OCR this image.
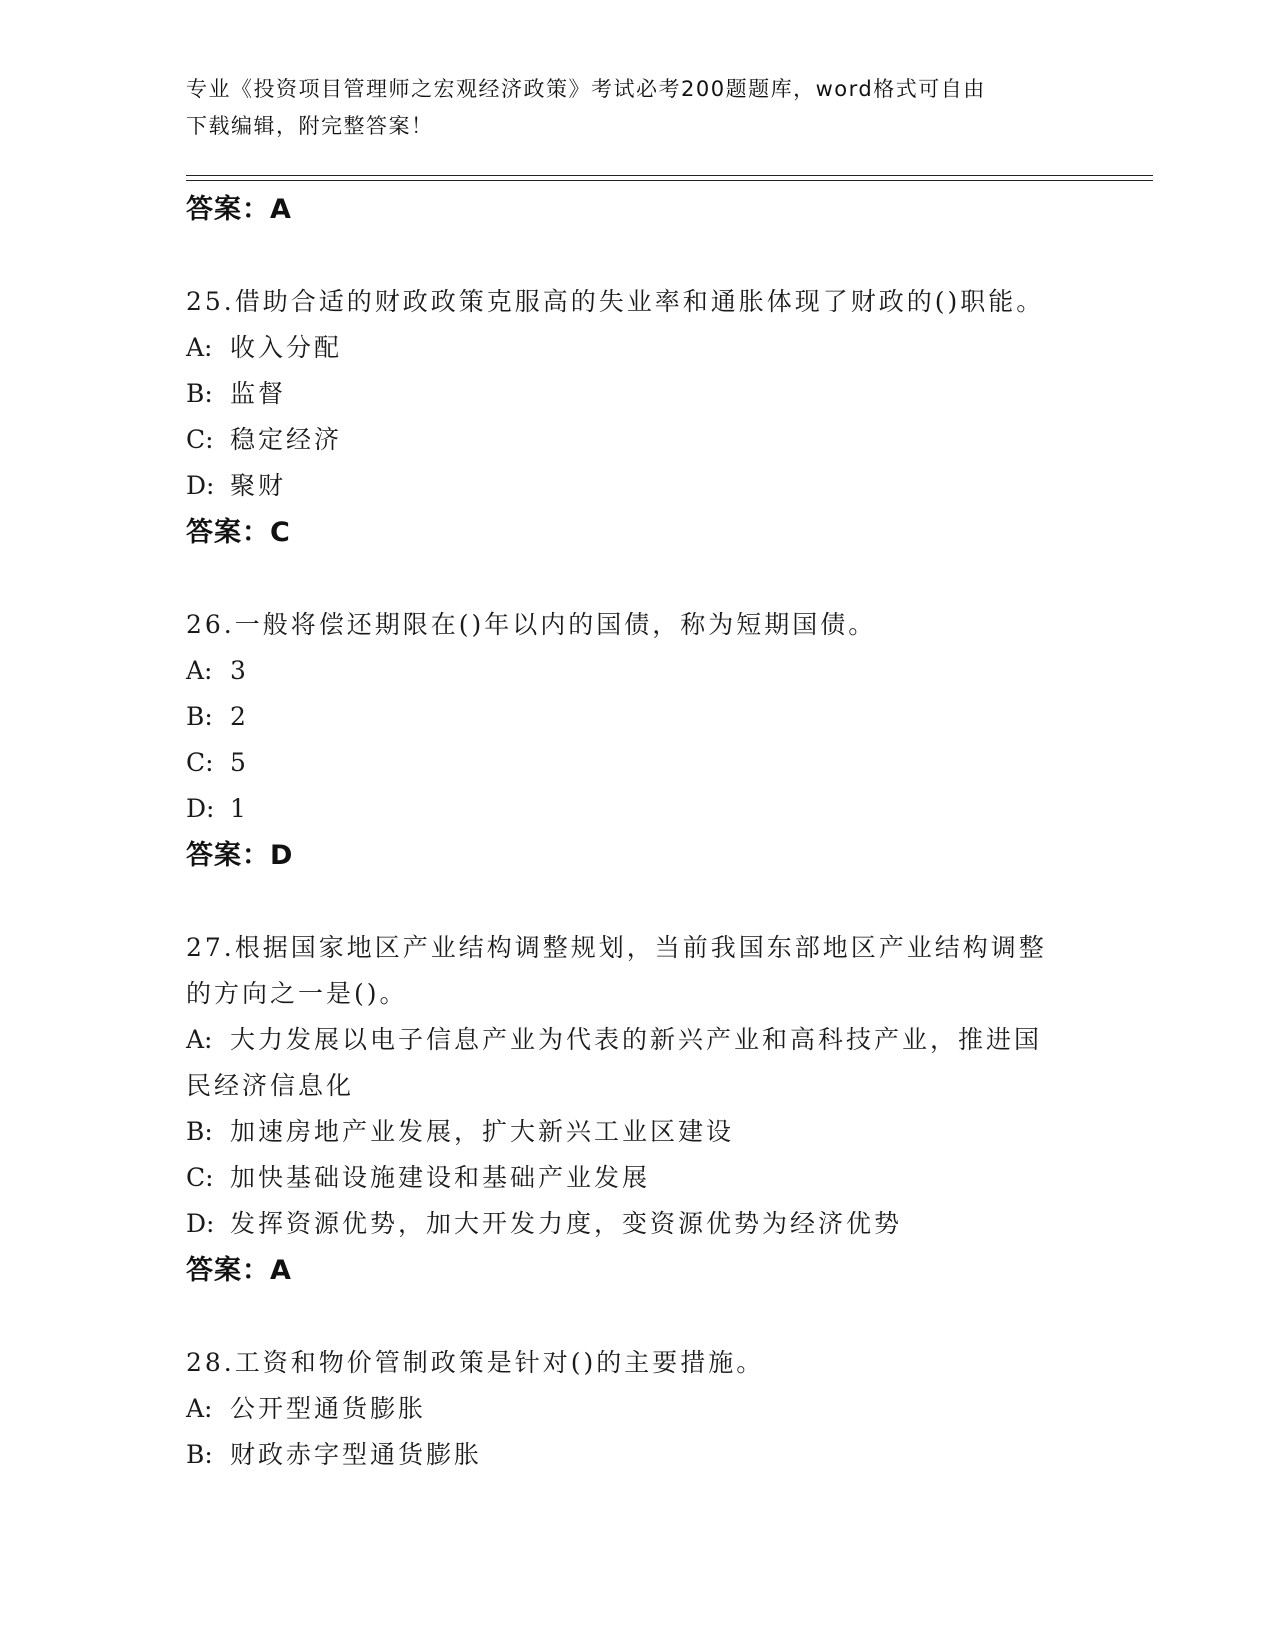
专业《投资项目管理师之宏观经济政策》考试必考200题题库，word格式可自由
下载编辑，附完整答案！
答案：A
25.借助合适的财政政策克服高的失业率和通胀体现了财政的()职能。
A: 收入分配
B: 监督
C: 稳定经济
D: 聚财
答案：C
26.一般将偿还期限在()年以内的国债，称为短期国债。
A: 3
B: 2
C: 5
D: 1
答案：D
27.根据国家地区产业结构调整规划，当前我国东部地区产业结构调整
的方向之一是()。
A: 大力发展以电子信息产业为代表的新兴产业和高科技产业，推进国
民经济信息化
B: 加速房地产业发展，扩大新兴工业区建设
C: 加快基础设施建设和基础产业发展
D: 发挥资源优势，加大开发力度，变资源优势为经济优势
答案：A
28.工资和物价管制政策是针对()的主要措施。
A: 公开型通货膨胀
B: 财政赤字型通货膨胀
